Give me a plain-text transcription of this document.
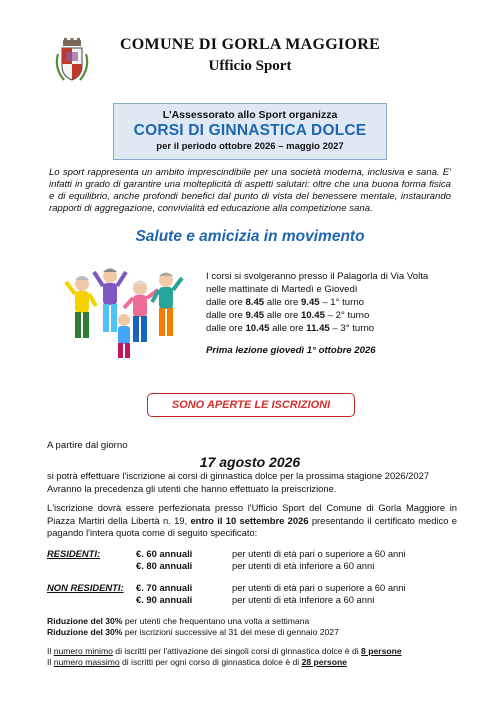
COMUNE DI GORLA MAGGIORE
Ufficio Sport
L'Assessorato allo Sport organizza
CORSI DI GINNASTICA DOLCE
per il periodo ottobre 2026 – maggio 2027
Lo sport rappresenta un ambito imprescindibile per una società moderna, inclusiva e sana. E' infatti in grado di garantire una molteplicità di aspetti salutari: oltre che una buona forma fisica e di equilibrio, anche profondi benefici dal punto di vista del benessere mentale, instaurando rapporti di aggregazione, convivialità ed educazione alla competizione sana.
Salute e amicizia in movimento
I corsi si svolgeranno presso il Palagorla di Via Volta
nelle mattinate di Martedì e Giovedì
dalle ore 8.45 alle ore 9.45 – 1° turno
dalle ore 9.45 alle ore 10.45 – 2° turno
dalle ore 10.45 alle ore 11.45 – 3° turno
Prima lezione giovedì 1° ottobre 2026
SONO APERTE LE ISCRIZIONI
A partire dal giorno
17 agosto 2026
si potrà effettuare l'iscrizione ai corsi di ginnastica dolce per la prossima stagione 2026/2027 Avranno la precedenza gli utenti che hanno effettuato la preiscrizione.
L'iscrizione dovrà essere perfezionata presso l'Ufficio Sport del Comune di Gorla Maggiore in Piazza Martiri della Libertà n. 19, entro il 10 settembre 2026 presentando il certificato medico e pagando l'intera quota come di seguito specificato:
RESIDENTI:	€. 60 annuali	per utenti di età pari o superiore a 60 anni
€. 80 annuali	per utenti di età inferiore a 60 anni
NON RESIDENTI: €. 70 annuali	per utenti di età pari o superiore a 60 anni
€. 90 annuali	per utenti di età inferiore a 60 anni
Riduzione del 30% per utenti che frequentano una volta a settimana
Riduzione del 30% per iscrizioni successive al 31 del mese di gennaio 2027
Il numero minimo di iscritti per l'attivazione dei singoli corsi di ginnastica dolce è di 8 persone
Il numero massimo di iscritti per ogni corso di ginnastica dolce è di 28 persone
